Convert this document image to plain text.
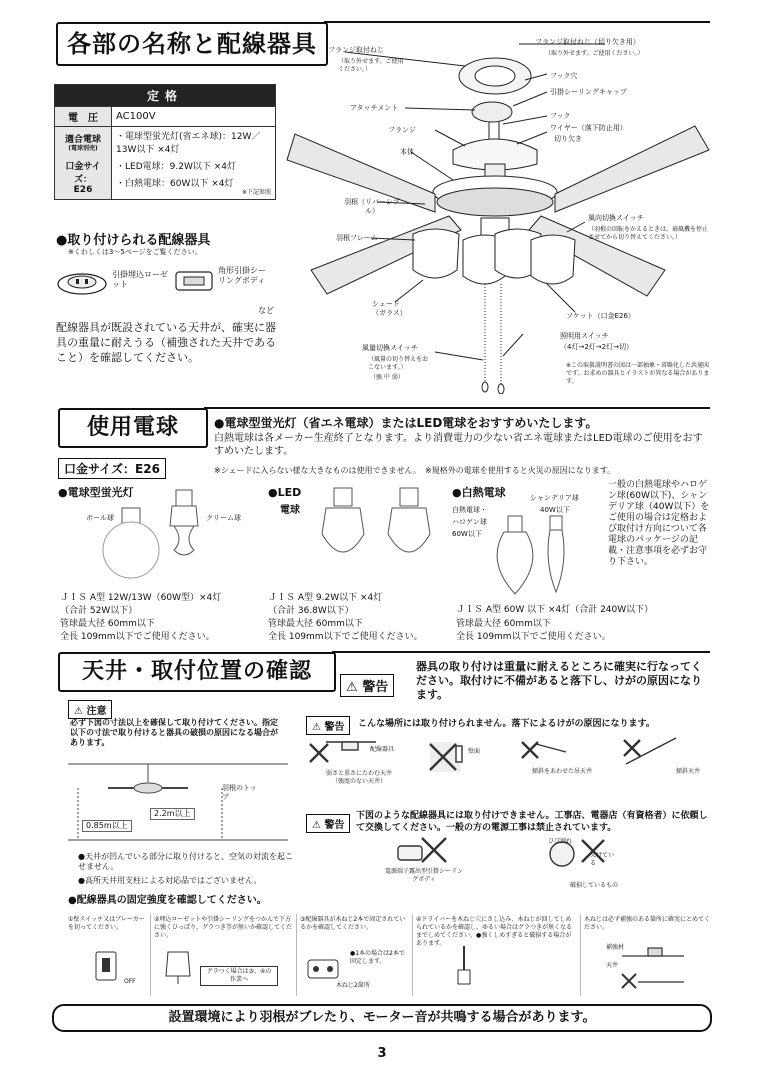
各部の名称と配線器具
定格	
電　圧	AC100V

適合電球
(電球別売)
口金サイズ：
E26	・電球型蛍光灯(省エネ球)：12W／13W以下 ×4灯
	・LED電球：9.2W以下 ×4灯
	・白熱電球：60W以下 ×4灯
※下記参照
●取り付けられる配線器具
※くわしくは3〜5ページをご覧ください。
引掛埋込ローゼット
角形引掛シーリングボディ
など
配線器具が既設されている天井が、確実に器具の重量に耐えうる（補強された天井であること）を確認してください。
フランジ取付ねじ
（取り外せます。ご使用ください。）
フランジ取付ねじ（切り欠き用）
（取り外せます。ご使用ください。）
フック穴
引掛シーリングキャップ
アタッチメント
フック
ワイヤー（落下防止用）
切り欠き
フランジ
本体
羽根（リバーシブル）
羽根フレーム
風向切換スイッチ
（羽根の回転をかえるときは、扇風機を停止させてから切り替えてください。）
シェード（ガラス）	ソケット（口金E26）
照明用スイッチ
（4灯→2灯→2灯→切）
風量切換スイッチ
（風量の切り替えをおこないます。）
（強 中 弱）
※この取扱説明書の図は一部抽象・省略化した共通図です。お求めの器具とイラストが異なる場合があります。
使用電球	●電球型蛍光灯（省エネ電球）またはLED電球をおすすめいたします。
白熱電球は各メーカー生産終了となります。より消費電力の少ない省エネ電球またはLED電球のご使用をおすすめいたします。
※シェードに入らない様な大きなものは使用できません。　※規格外の電球を使用すると火災の原因になります。
口金サイズ：E26
●電球型蛍光灯
ボール球	クリーム球
ＪＩＳ A型 12W/13W（60W型）×4灯
（合計 52W以下）
管球最大径 60mm以下
全長 109mm以下でご使用ください。
●LED
電球
ＪＩＳ A型 9.2W以下 ×4灯
（合計 36.8W以下）
管球最大径 60mm以下
全長 109mm以下でご使用ください。
●白熱電球
白熱電球・
ハロゲン球
60W以下
シャンデリア球
40W以下
一般の白熱電球やハロゲン球(60W以下)、シャンデリア球（40W以下）をご使用の場合は定格および取付け方向について各電球のパッケージの記載・注意事項を必ずお守り下さい。
ＪＩＳ A型 60W 以下 ×4灯（合計 240W以下）
管球最大径 60mm以下
全長 109mm以下でご使用ください。
天井・取付位置の確認
⚠ 警告
器具の取り付けは重量に耐えるところに確実に行なってください。取付けに不備があると落下し、けがの原因になります。
⚠ 注意
必ず下図の寸法以上を確保して取り付けてください。指定以下の寸法で取り付けると器具の破損の原因になる場合があります。
羽根のトップ
0.85m以上
2.2m以上
●天井が凹んでいる部分に取り付けると、空気の対流を起こせません。
●高所天井用支柱による対応品ではございません。
●配線器具の固定強度を確認してください。
⚠ 警告	こんな場所には取り付けられません。落下によるけがの原因になります。
配線器具
弱さと重さにたわむ天井（強度のない天井）
壁面
傾斜をあわせた吊天井	傾斜天井
⚠ 警告
下図のような配線器具には取り付けできません。工事店、電器店（有資格者）に依頼して交換してください。一般の方の電源工事は禁止されています。
電源端子露出型引掛シーリングボディ
ひび割れ
欠けている
破損しているもの
①壁スイッチ又はブレーカーを切ってください。
②埋込ローゼットや引掛シーリングをつかんで下方に強くひっぱり、グラつき等が無いか確認してください。
③配線器具が木ねじ2本で固定されているかを確認してください。
④ドライバーを木ねじ穴にさし込み、木ねじが回してしめられているかを確認し、ゆるい場合はグラつきが無くなるまでしめてください。●強くしめすぎると破損する場合があります。
木ねじは必ず補強のある箇所に確実にとめてください。
OFF
グラつく場合は③、④の作業へ
●1本の場合は2本で固定します。
木ねじ2箇所
補強材
天井
設置環境により羽根がブレたり、モーター音が共鳴する場合があります。
3
